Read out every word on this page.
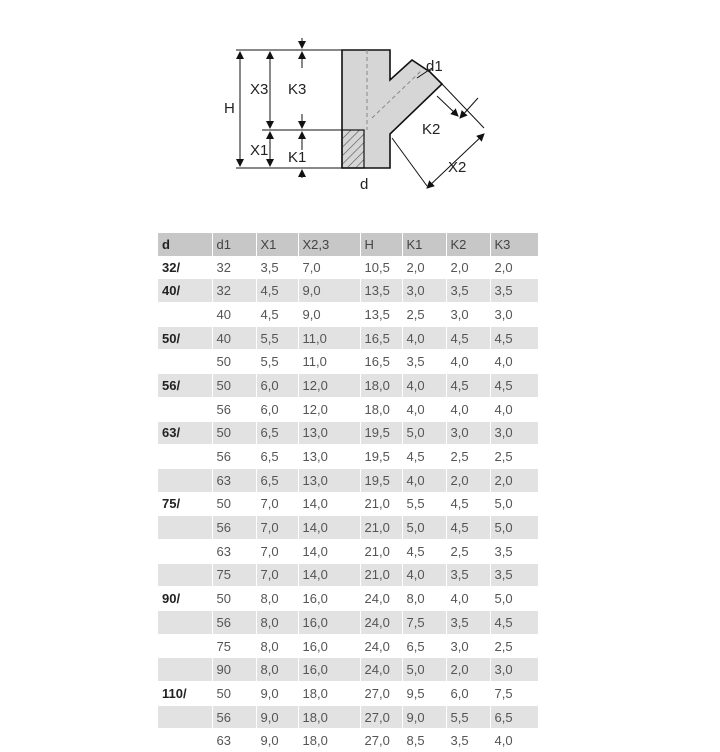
H
X3 K3
X1 K1
d
d1
K2
X2
d	d1	X1	X2,3	H	K1	K2	K3
32/	32	3,5	7,0	10,5	2,0	2,0	2,0
40/	32	4,5	9,0	13,5	3,0	3,5	3,5
	40	4,5	9,0	13,5	2,5	3,0	3,0
50/	40	5,5	11,0	16,5	4,0	4,5	4,5
	50	5,5	11,0	16,5	3,5	4,0	4,0
56/	50	6,0	12,0	18,0	4,0	4,5	4,5
	56	6,0	12,0	18,0	4,0	4,0	4,0
63/	50	6,5	13,0	19,5	5,0	3,0	3,0
	56	6,5	13,0	19,5	4,5	2,5	2,5
	63	6,5	13,0	19,5	4,0	2,0	2,0
75/	50	7,0	14,0	21,0	5,5	4,5	5,0
	56	7,0	14,0	21,0	5,0	4,5	5,0
	63	7,0	14,0	21,0	4,5	2,5	3,5
	75	7,0	14,0	21,0	4,0	3,5	3,5
90/	50	8,0	16,0	24,0	8,0	4,0	5,0
	56	8,0	16,0	24,0	7,5	3,5	4,5
	75	8,0	16,0	24,0	6,5	3,0	2,5
	90	8,0	16,0	24,0	5,0	2,0	3,0
110/	50	9,0	18,0	27,0	9,5	6,0	7,5
	56	9,0	18,0	27,0	9,0	5,5	6,5
	63	9,0	18,0	27,0	8,5	3,5	4,0
